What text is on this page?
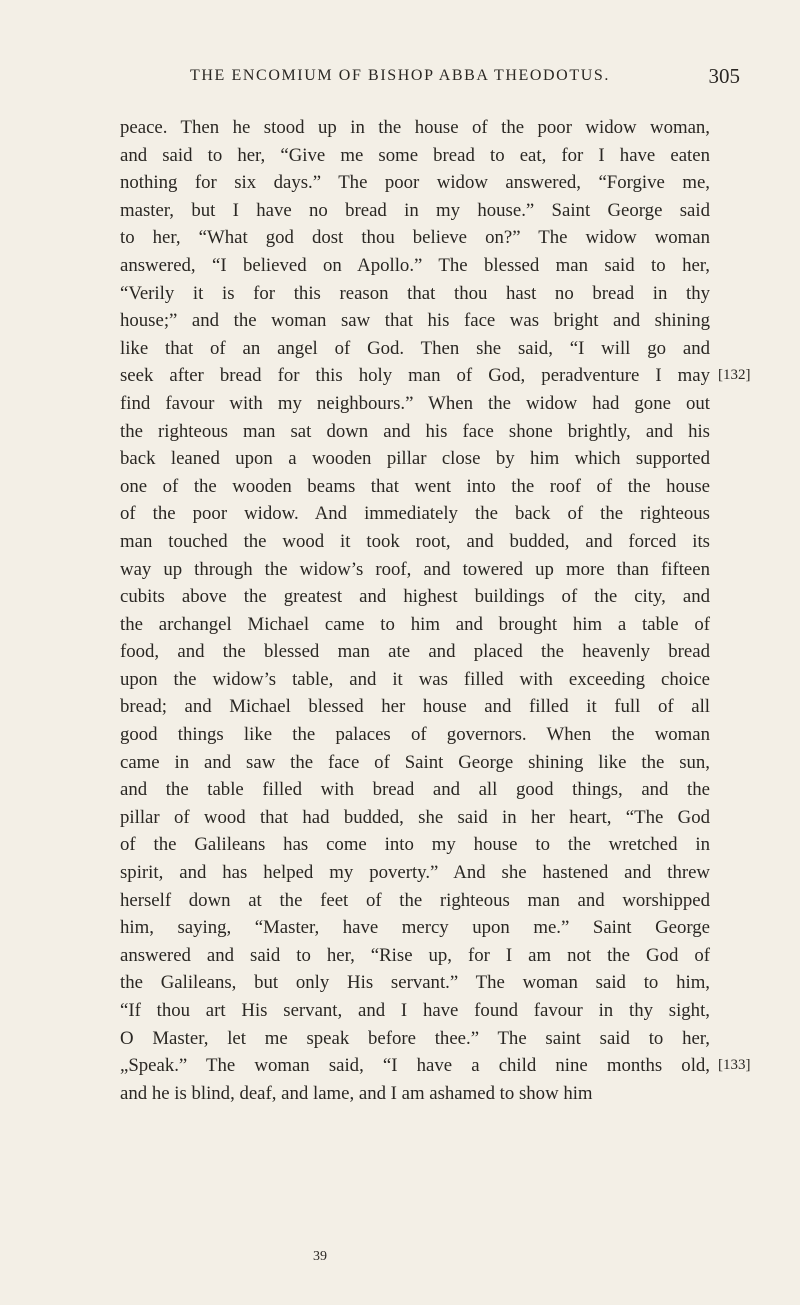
THE ENCOMIUM OF BISHOP ABBA THEODOTUS.	305
peace. Then he stood up in the house of the poor widow woman,
and said to her, “Give me some bread to eat, for I have eaten
nothing for six days.” The poor widow answered, “Forgive me,
master, but I have no bread in my house.” Saint George said
to her, “What god dost thou believe on?” The widow woman
answered, “I believed on Apollo.” The blessed man said to her,
“Verily it is for this reason that thou hast no bread in thy
house;” and the woman saw that his face was bright and shining
like that of an angel of God. Then she said, “I will go and
seek after bread for this holy man of God, peradventure I may
find favour with my neighbours.” When the widow had gone out
the righteous man sat down and his face shone brightly, and his
back leaned upon a wooden pillar close by him which supported
one of the wooden beams that went into the roof of the house
of the poor widow. And immediately the back of the righteous
man touched the wood it took root, and budded, and forced its
way up through the widow’s roof, and towered up more than fifteen
cubits above the greatest and highest buildings of the city, and
the archangel Michael came to him and brought him a table of
food, and the blessed man ate and placed the heavenly bread
upon the widow’s table, and it was filled with exceeding choice
bread; and Michael blessed her house and filled it full of all
good things like the palaces of governors. When the woman
came in and saw the face of Saint George shining like the sun,
and the table filled with bread and all good things, and the
pillar of wood that had budded, she said in her heart, “The God
of the Galileans has come into my house to the wretched in
spirit, and has helped my poverty.” And she hastened and threw
herself down at the feet of the righteous man and worshipped
him, saying, “Master, have mercy upon me.” Saint George
answered and said to her, “Rise up, for I am not the God of
the Galileans, but only His servant.” The woman said to him,
“If thou art His servant, and I have found favour in thy sight,
O Master, let me speak before thee.” The saint said to her,
„Speak.” The woman said, “I have a child nine months old,
and he is blind, deaf, and lame, and I am ashamed to show him
[132]
[133]
39
